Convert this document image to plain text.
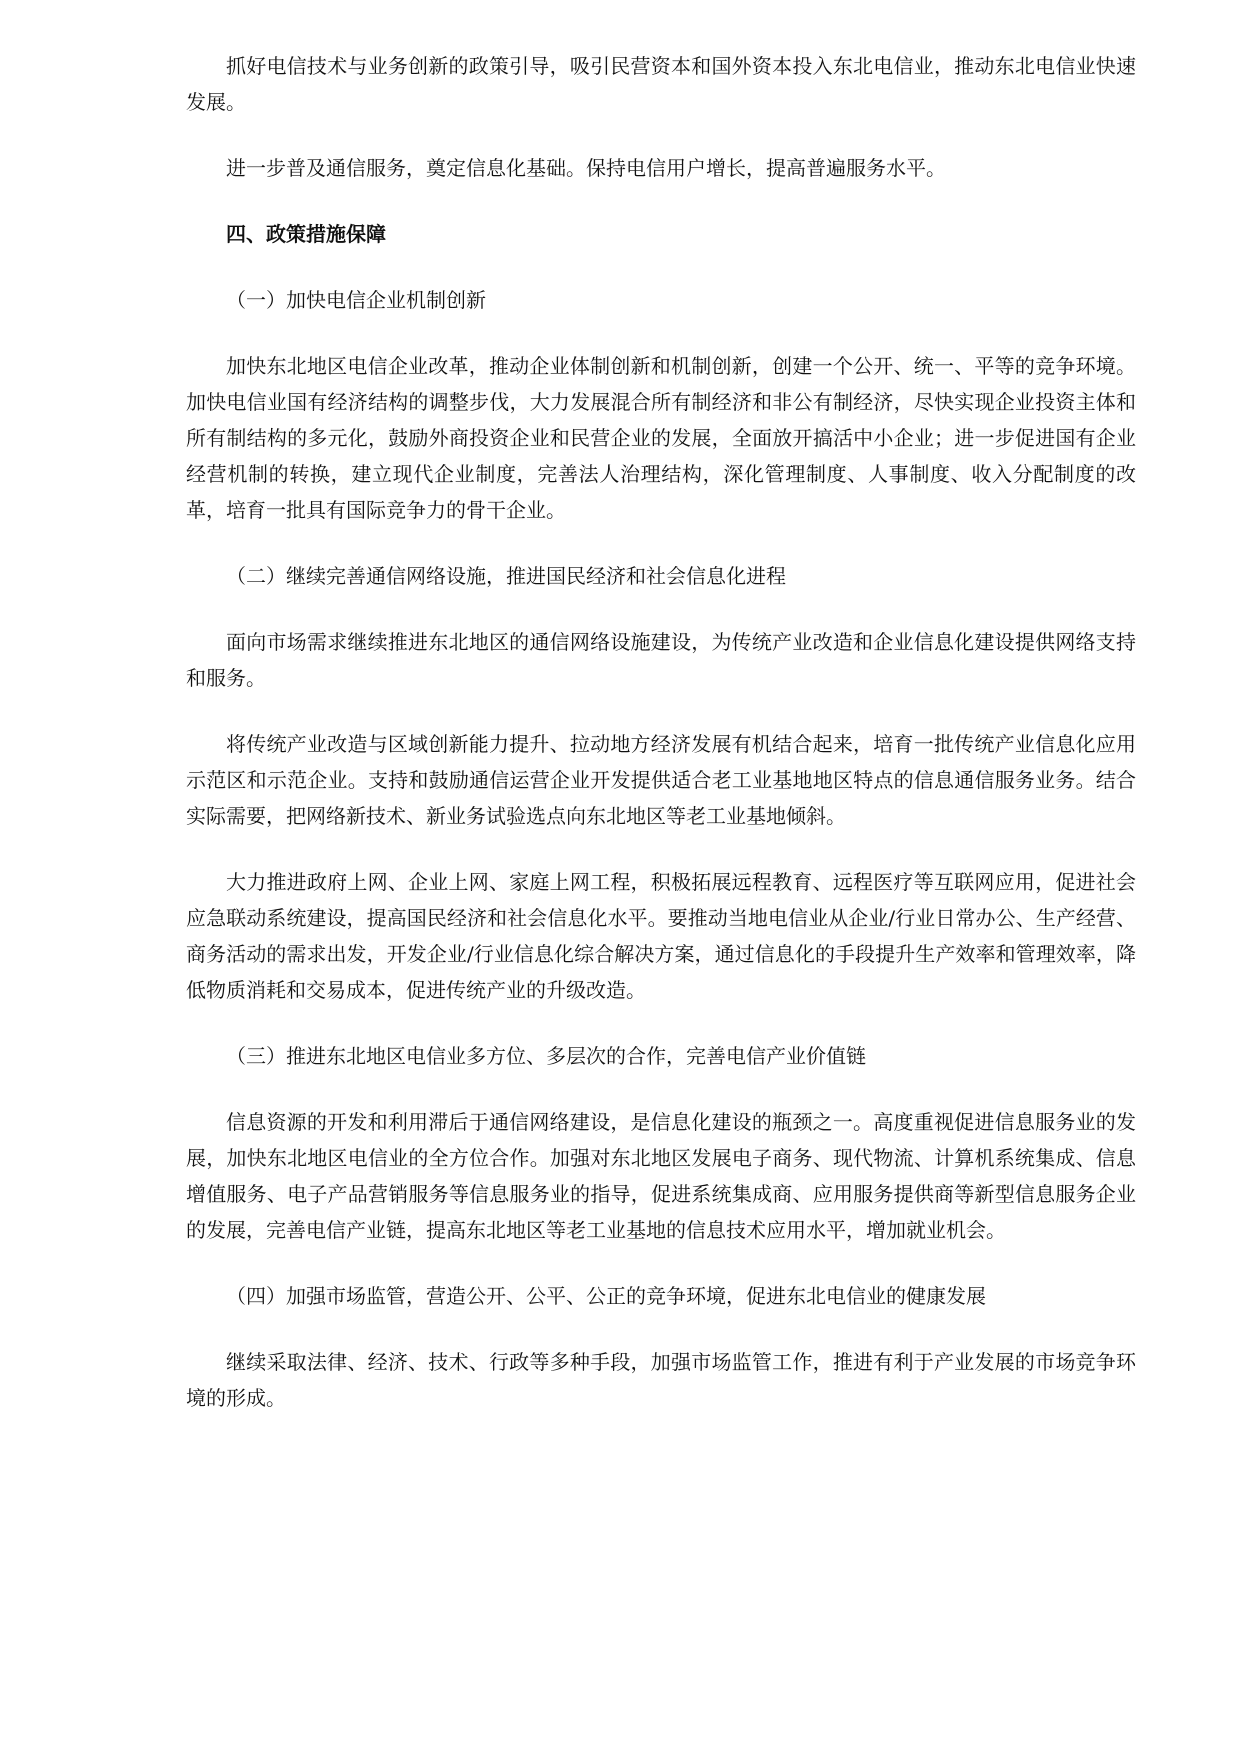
抓好电信技术与业务创新的政策引导，吸引民营资本和国外资本投入东北电信业，推动东北电信业快速发展。

进一步普及通信服务，奠定信息化基础。保持电信用户增长，提高普遍服务水平。

四、政策措施保障

（一）加快电信企业机制创新

加快东北地区电信企业改革，推动企业体制创新和机制创新，创建一个公开、统一、平等的竞争环境。加快电信业国有经济结构的调整步伐，大力发展混合所有制经济和非公有制经济，尽快实现企业投资主体和所有制结构的多元化，鼓励外商投资企业和民营企业的发展，全面放开搞活中小企业；进一步促进国有企业经营机制的转换，建立现代企业制度，完善法人治理结构，深化管理制度、人事制度、收入分配制度的改革，培育一批具有国际竞争力的骨干企业。

（二）继续完善通信网络设施，推进国民经济和社会信息化进程

面向市场需求继续推进东北地区的通信网络设施建设，为传统产业改造和企业信息化建设提供网络支持和服务。

将传统产业改造与区域创新能力提升、拉动地方经济发展有机结合起来，培育一批传统产业信息化应用示范区和示范企业。支持和鼓励通信运营企业开发提供适合老工业基地地区特点的信息通信服务业务。结合实际需要，把网络新技术、新业务试验选点向东北地区等老工业基地倾斜。

大力推进政府上网、企业上网、家庭上网工程，积极拓展远程教育、远程医疗等互联网应用，促进社会应急联动系统建设，提高国民经济和社会信息化水平。要推动当地电信业从企业/行业日常办公、生产经营、商务活动的需求出发，开发企业/行业信息化综合解决方案，通过信息化的手段提升生产效率和管理效率，降低物质消耗和交易成本，促进传统产业的升级改造。

（三）推进东北地区电信业多方位、多层次的合作，完善电信产业价值链

信息资源的开发和利用滞后于通信网络建设，是信息化建设的瓶颈之一。高度重视促进信息服务业的发展，加快东北地区电信业的全方位合作。加强对东北地区发展电子商务、现代物流、计算机系统集成、信息增值服务、电子产品营销服务等信息服务业的指导，促进系统集成商、应用服务提供商等新型信息服务企业的发展，完善电信产业链，提高东北地区等老工业基地的信息技术应用水平，增加就业机会。

（四）加强市场监管，营造公开、公平、公正的竞争环境，促进东北电信业的健康发展

继续采取法律、经济、技术、行政等多种手段，加强市场监管工作，推进有利于产业发展的市场竞争环境的形成。
